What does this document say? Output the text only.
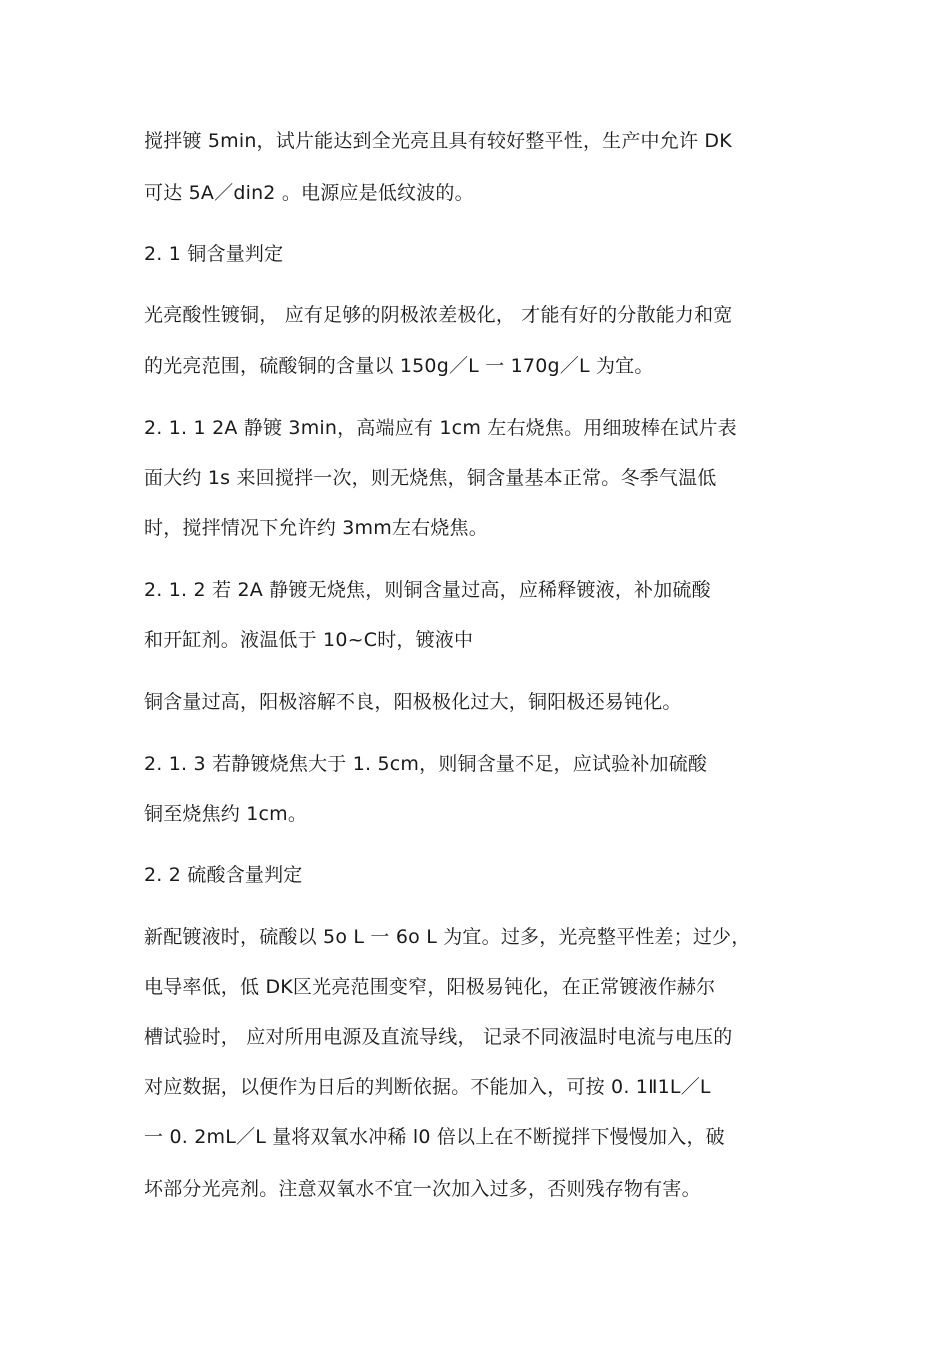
搅拌镀 5min，试片能达到全光亮且具有较好整平性，生产中允许 DK
可达 5A／din2 。电源应是低纹波的。
2. 1 铜含量判定
光亮酸性镀铜， 应有足够的阴极浓差极化， 才能有好的分散能力和宽
的光亮范围，硫酸铜的含量以 150g／L 一 170g／L 为宜。
2. 1. 1 2A 静镀 3min，高端应有 1cm 左右烧焦。用细玻棒在试片表
面大约 1s 来回搅拌一次，则无烧焦，铜含量基本正常。冬季气温低
时，搅拌情况下允许约 3mm左右烧焦。
2. 1. 2 若 2A 静镀无烧焦，则铜含量过高，应稀释镀液，补加硫酸
和开缸剂。液温低于 10~C时，镀液中
铜含量过高，阳极溶解不良，阳极极化过大，铜阳极还易钝化。
2. 1. 3 若静镀烧焦大于 1. 5cm，则铜含量不足，应试验补加硫酸
铜至烧焦约 1cm。
2. 2 硫酸含量判定
新配镀液时，硫酸以 5o L 一 6o L 为宜。过多，光亮整平性差；过少，
电导率低，低 DK区光亮范围变窄，阳极易钝化，在正常镀液作赫尔
槽试验时， 应对所用电源及直流导线， 记录不同液温时电流与电压的
对应数据，以便作为日后的判断依据。不能加入，可按 0. 1Ⅱ1L／L
一 0. 2mL／L 量将双氧水冲稀 l0 倍以上在不断搅拌下慢慢加入，破
坏部分光亮剂。注意双氧水不宜一次加入过多，否则残存物有害。
